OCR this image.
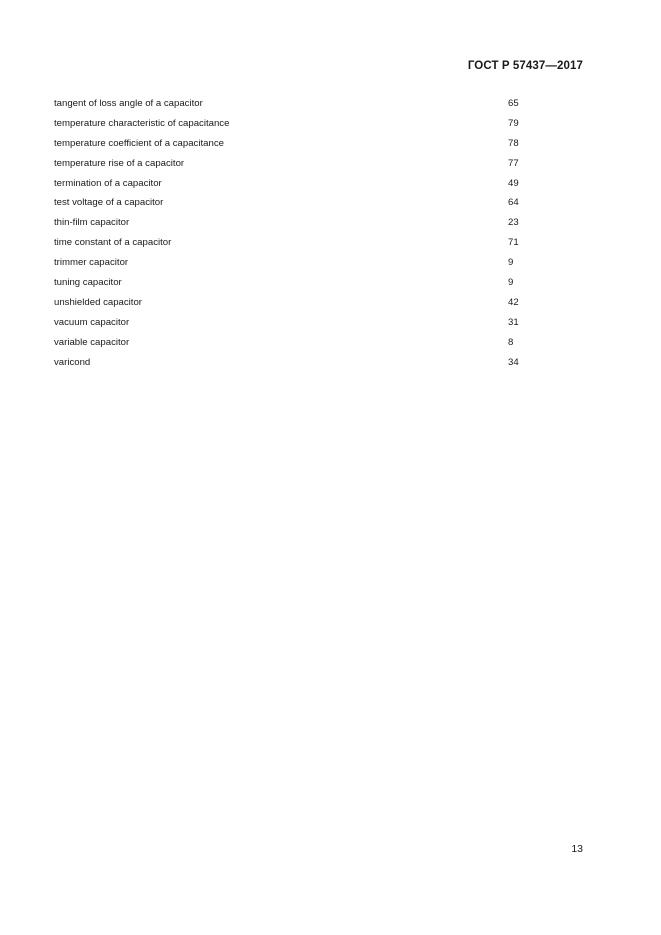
ГОСТ Р 57437—2017
tangent of loss angle of a capacitor	65
temperature characteristic of capacitance	79
temperature coefficient of a capacitance	78
temperature rise of a capacitor	77
termination of a capacitor	49
test voltage of a capacitor	64
thin-film capacitor	23
time constant of a capacitor	71
trimmer capacitor	9
tuning capacitor	9
unshielded capacitor	42
vacuum capacitor	31
variable capacitor	8
varicond	34
13
